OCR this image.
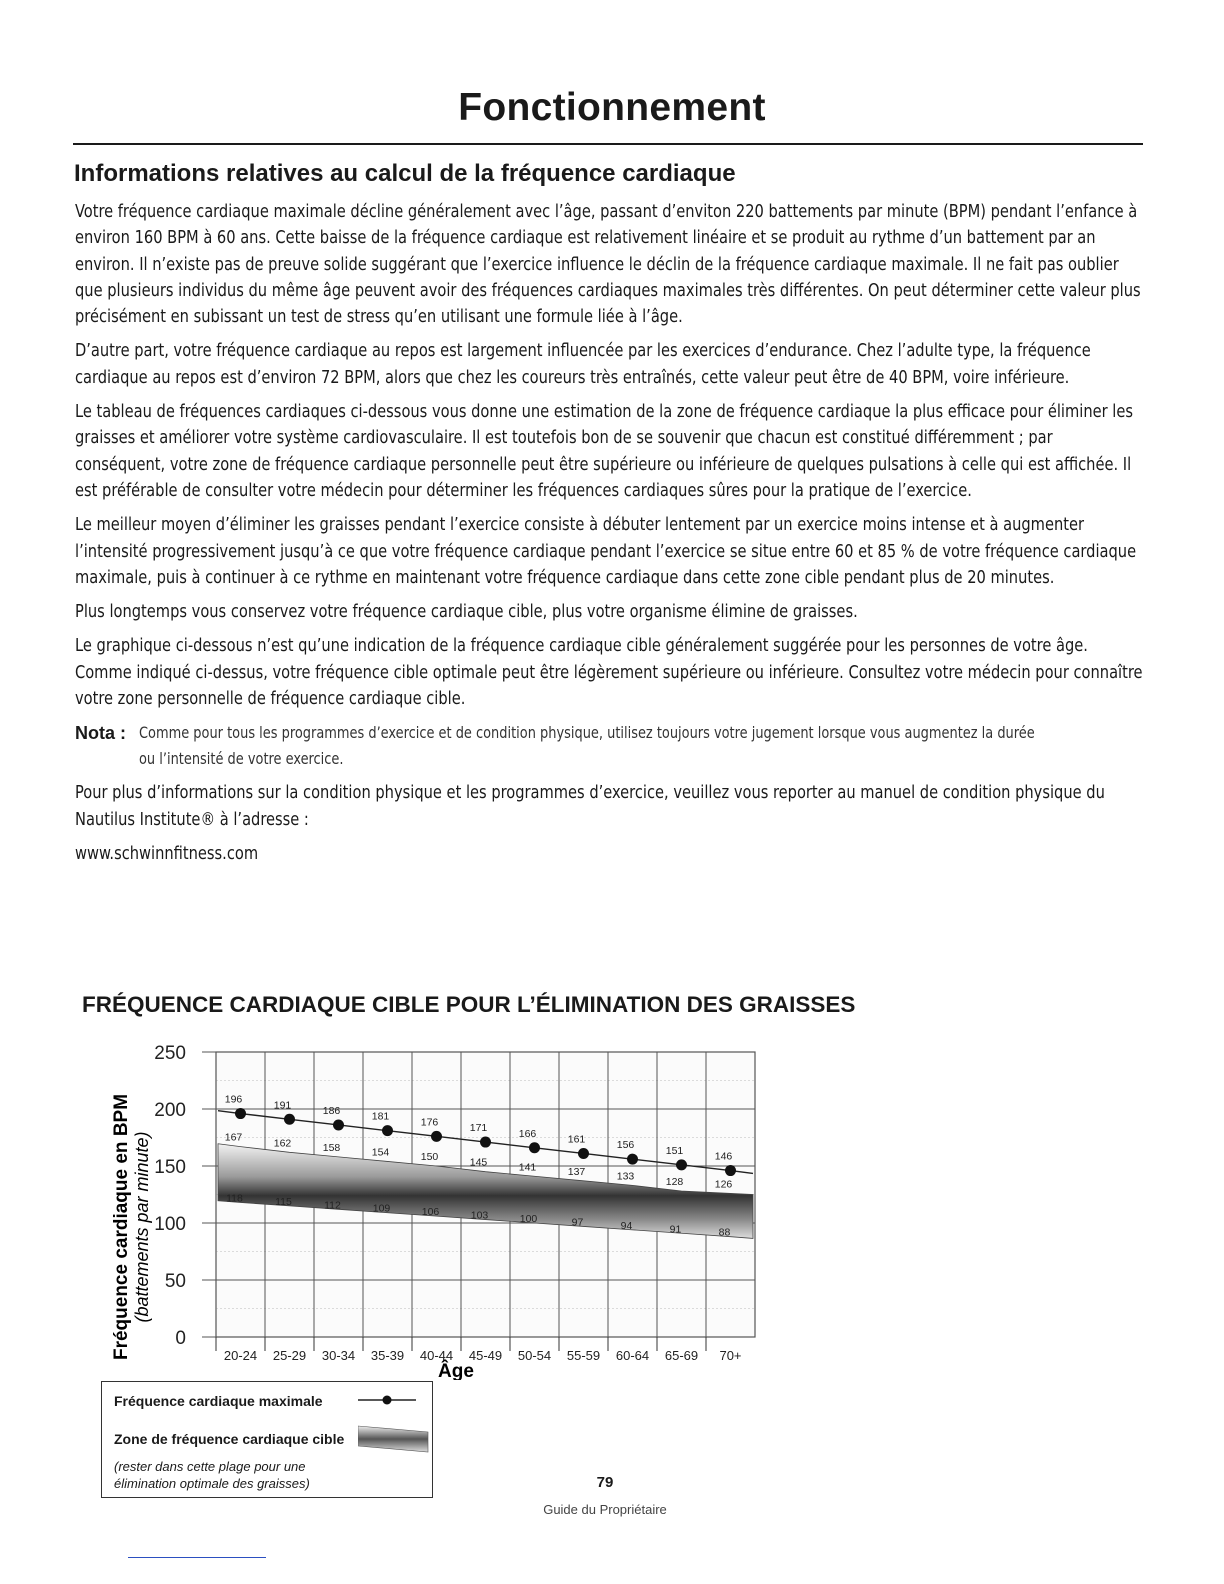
Fonctionnement
Informations relatives au calcul de la fréquence cardiaque

Votre fréquence cardiaque maximale décline généralement avec l’âge, passant d’enviton 220 battements par minute (BPM) pendant l’enfance à environ 160 BPM à 60 ans. Cette baisse de la fréquence cardiaque est relativement linéaire et se produit au rythme d’un battement par an environ. Il n’existe pas de preuve solide suggérant que l’exercice influence le déclin de la fréquence cardiaque maximale. Il ne fait pas oublier que plusieurs individus du même âge peuvent avoir des fréquences cardiaques maximales très différentes. On peut déterminer cette valeur plus précisément en subissant un test de stress qu’en utilisant une formule liée à l’âge.

D’autre part, votre fréquence cardiaque au repos est largement influencée par les exercices d’endurance. Chez l’adulte type, la fréquence cardiaque au repos est d’environ 72 BPM, alors que chez les coureurs très entraînés, cette valeur peut être de 40 BPM, voire inférieure.

Le tableau de fréquences cardiaques ci-dessous vous donne une estimation de la zone de fréquence cardiaque la plus efficace pour éliminer les graisses et améliorer votre système cardiovasculaire. Il est toutefois bon de se souvenir que chacun est constitué différemment ; par conséquent, votre zone de fréquence cardiaque personnelle peut être supérieure ou inférieure de quelques pulsations à celle qui est affichée. Il est préférable de consulter votre médecin pour déterminer les fréquences cardiaques sûres pour la pratique de l’exercice.

Le meilleur moyen d’éliminer les graisses pendant l’exercice consiste à débuter lentement par un exercice moins intense et à augmenter l’intensité progressivement jusqu’à ce que votre fréquence cardiaque pendant l’exercice se situe entre 60 et 85 % de votre fréquence cardiaque maximale, puis à continuer à ce rythme en maintenant votre fréquence cardiaque dans cette zone cible pendant plus de 20 minutes.

Plus longtemps vous conservez votre fréquence cardiaque cible, plus votre organisme élimine de graisses.

Le graphique ci-dessous n’est qu’une indication de la fréquence cardiaque cible généralement suggérée pour les personnes de votre âge. Comme indiqué ci-dessus, votre fréquence cible optimale peut être légèrement supérieure ou inférieure. Consultez votre médecin pour connaître votre zone personnelle de fréquence cardiaque cible.

Nota : Comme pour tous les programmes d’exercice et de condition physique, utilisez toujours votre jugement lorsque vous augmentez la durée ou l’intensité de votre exercice.

Pour plus d’informations sur la condition physique et les programmes d’exercice, veuillez vous reporter au manuel de condition physique du Nautilus Institute® à l’adresse :

www.schwinnfitness.com

FRÉQUENCE CARDIAQUE CIBLE POUR L’ÉLIMINATION DES GRAISSES
196	191	186	181	176	171	166	161	156	151	146
167	162	158	154	150	145	141	137	133	128	126
118	115	112	109	106	103	100	97	94	91	88
0
50
100
150
200
250
20-24 25-29 30-34 35-39 40-44 45-49 50-54 55-59 60-64 65-69 70+
Fréquence cardiaque en BPM (battements par minute)
Âge
Fréquence cardiaque maximale
Zone de fréquence cardiaque cible
(rester dans cette plage pour une élimination optimale des graisses)	79
Guide du Propriétaire
